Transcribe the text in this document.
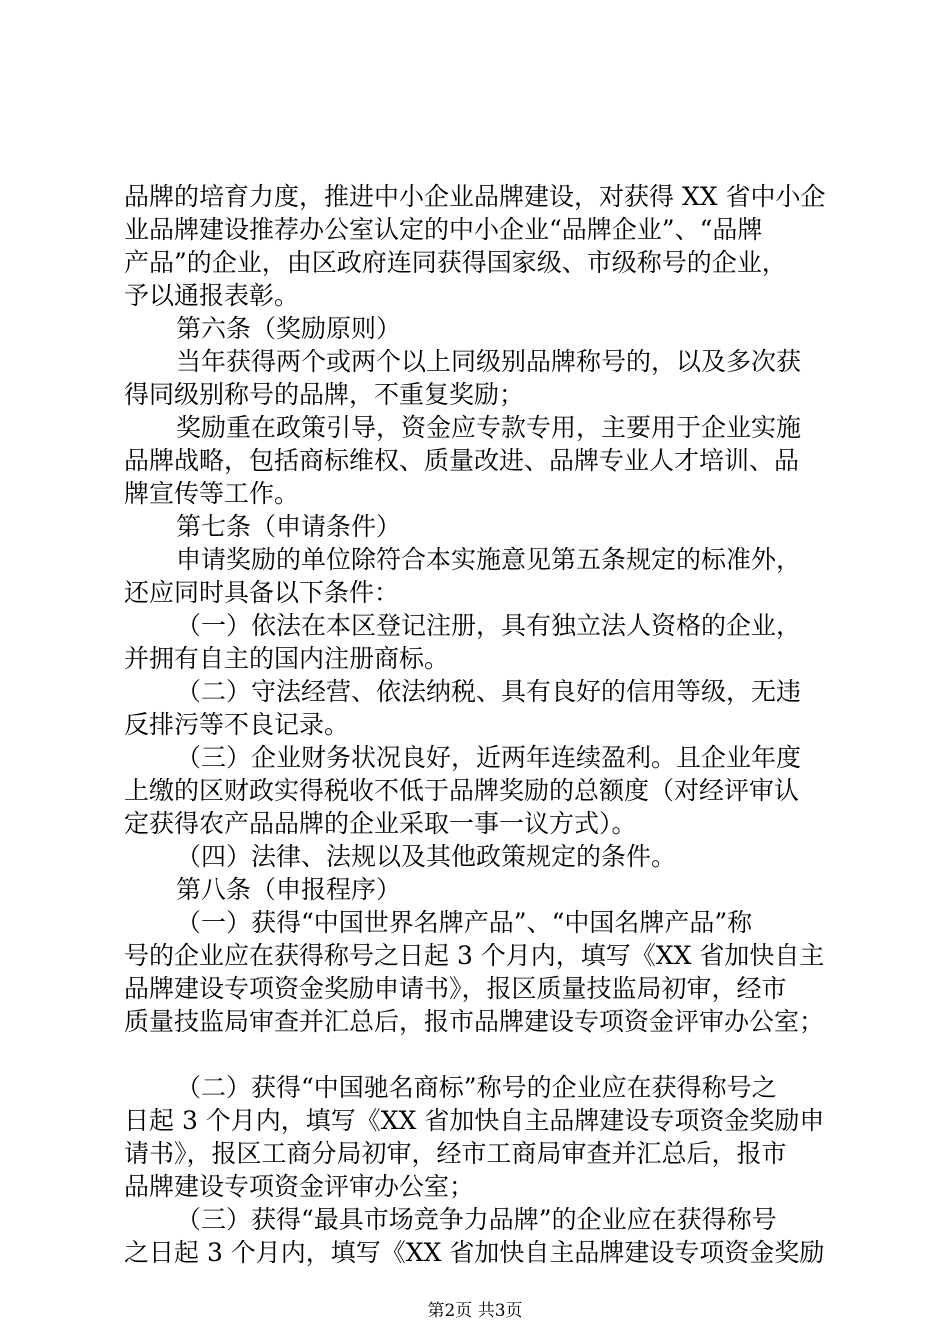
品牌的培育力度，推进中小企业品牌建设，对获得 XX 省中小企
业品牌建设推荐办公室认定的中小企业“品牌企业”、“品牌
产品”的企业，由区政府连同获得国家级、市级称号的企业，
予以通报表彰。
第六条（奖励原则）
当年获得两个或两个以上同级别品牌称号的，以及多次获
得同级别称号的品牌，不重复奖励；
奖励重在政策引导，资金应专款专用，主要用于企业实施
品牌战略，包括商标维权、质量改进、品牌专业人才培训、品
牌宣传等工作。
第七条（申请条件）
申请奖励的单位除符合本实施意见第五条规定的标准外，
还应同时具备以下条件：
（一）依法在本区登记注册，具有独立法人资格的企业，
并拥有自主的国内注册商标。
（二）守法经营、依法纳税、具有良好的信用等级，无违
反排污等不良记录。
（三）企业财务状况良好，近两年连续盈利。且企业年度
上缴的区财政实得税收不低于品牌奖励的总额度（对经评审认
定获得农产品品牌的企业采取一事一议方式）。
（四）法律、法规以及其他政策规定的条件。
第八条（申报程序）
（一）获得“中国世界名牌产品”、“中国名牌产品”称
号的企业应在获得称号之日起 3 个月内，填写《XX 省加快自主
品牌建设专项资金奖励申请书》，报区质量技监局初审，经市
质量技监局审查并汇总后，报市品牌建设专项资金评审办公室；
（二）获得“中国驰名商标”称号的企业应在获得称号之
日起 3 个月内，填写《XX 省加快自主品牌建设专项资金奖励申
请书》，报区工商分局初审，经市工商局审查并汇总后，报市
品牌建设专项资金评审办公室；
（三）获得“最具市场竞争力品牌”的企业应在获得称号
之日起 3 个月内，填写《XX 省加快自主品牌建设专项资金奖励
第2页 共3页
